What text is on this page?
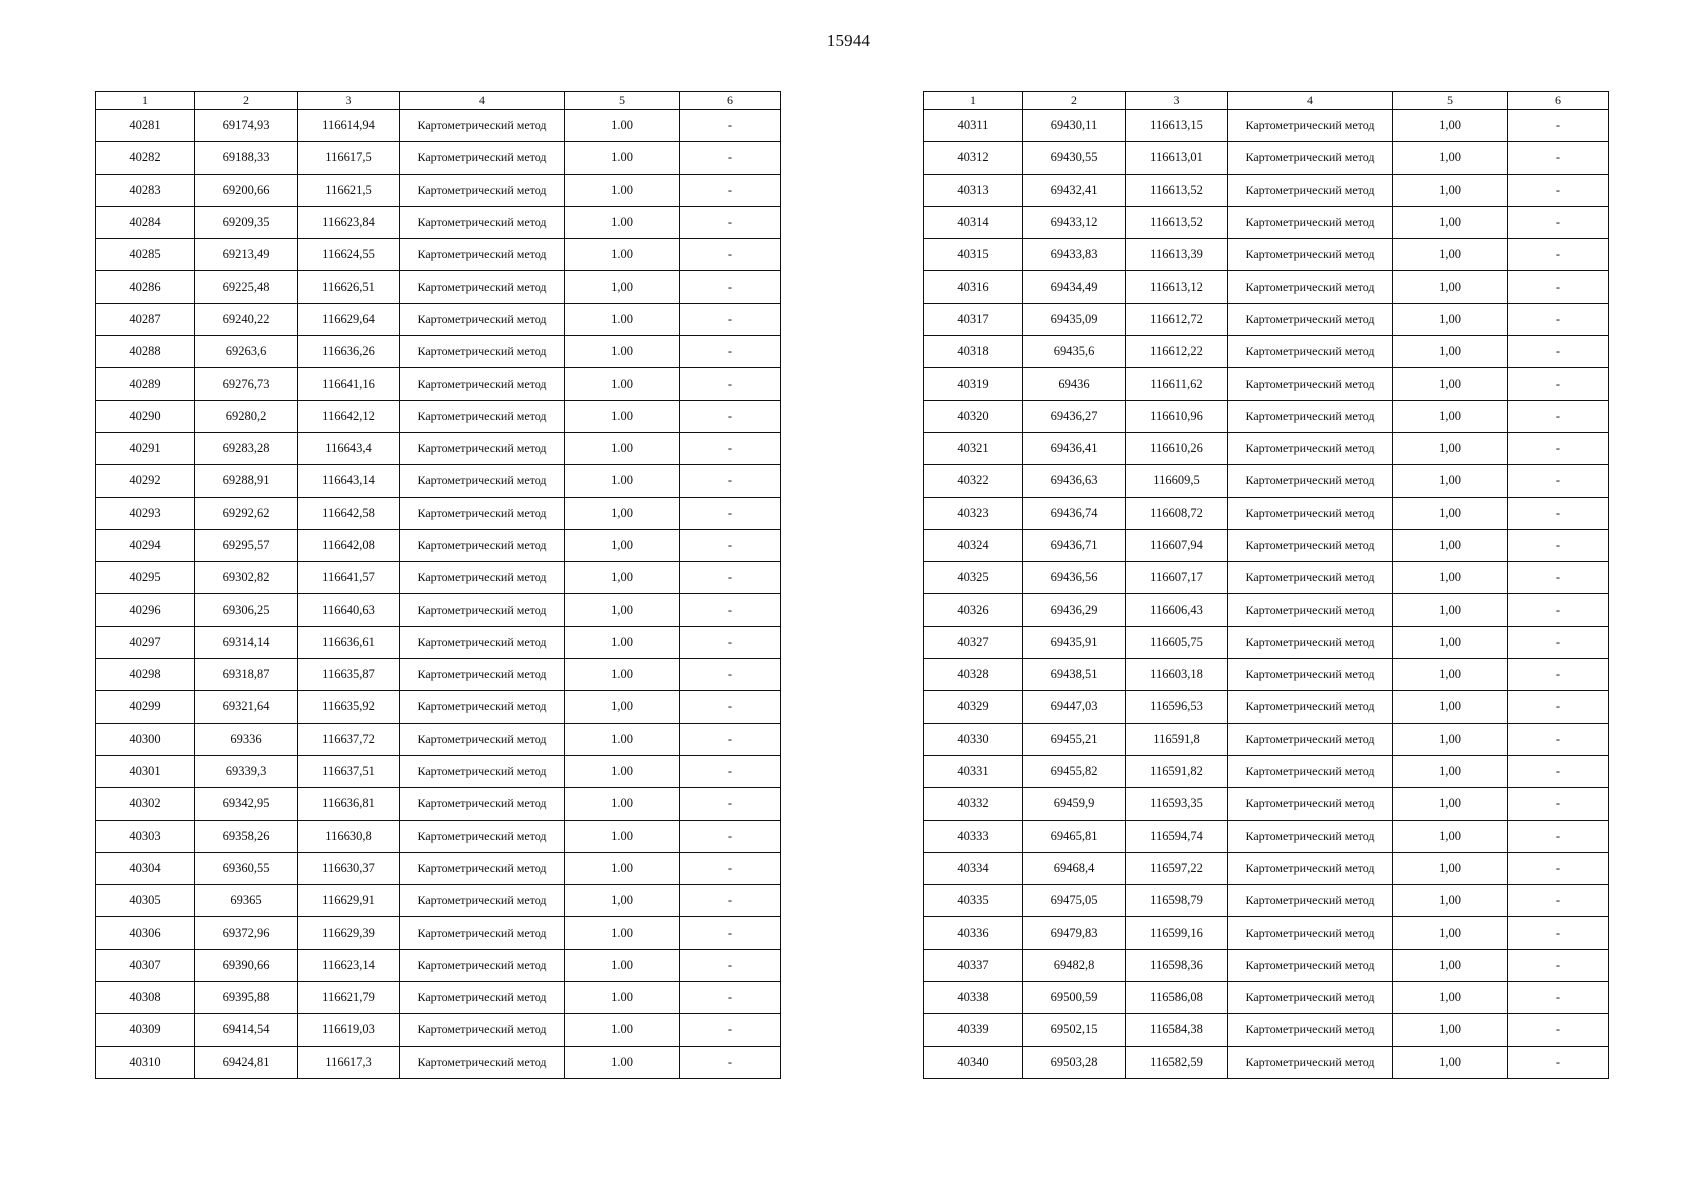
15944
1	2	3	4	5	6
40281	69174,93	116614,94	Картометрический метод	1.00	-
40282	69188,33	116617,5	Картометрический метод	1.00	-
40283	69200,66	116621,5	Картометрический метод	1.00	-
40284	69209,35	116623,84	Картометрический метод	1.00	-
40285	69213,49	116624,55	Картометрический метод	1.00	-
40286	69225,48	116626,51	Картометрический метод	1,00	-
40287	69240,22	116629,64	Картометрический метод	1.00	-
40288	69263,6	116636,26	Картометрический метод	1.00	-
40289	69276,73	116641,16	Картометрический метод	1.00	-
40290	69280,2	116642,12	Картометрический метод	1.00	-
40291	69283,28	116643,4	Картометрический метод	1.00	-
40292	69288,91	116643,14	Картометрический метод	1.00	-
40293	69292,62	116642,58	Картометрический метод	1,00	-
40294	69295,57	116642,08	Картометрический метод	1,00	-
40295	69302,82	116641,57	Картометрический метод	1,00	-
40296	69306,25	116640,63	Картометрический метод	1,00	-
40297	69314,14	116636,61	Картометрический метод	1.00	-
40298	69318,87	116635,87	Картометрический метод	1.00	-
40299	69321,64	116635,92	Картометрический метод	1,00	-
40300	69336	116637,72	Картометрический метод	1.00	-
40301	69339,3	116637,51	Картометрический метод	1.00	-
40302	69342,95	116636,81	Картометрический метод	1.00	-
40303	69358,26	116630,8	Картометрический метод	1.00	-
40304	69360,55	116630,37	Картометрический метод	1.00	-
40305	69365	116629,91	Картометрический метод	1,00	-
40306	69372,96	116629,39	Картометрический метод	1.00	-
40307	69390,66	116623,14	Картометрический метод	1.00	-
40308	69395,88	116621,79	Картометрический метод	1.00	-
40309	69414,54	116619,03	Картометрический метод	1.00	-
40310	69424,81	116617,3	Картометрический метод	1.00	-
1	2	3	4	5	6
40311	69430,11	116613,15	Картометрический метод	1,00	-
40312	69430,55	116613,01	Картометрический метод	1,00	-
40313	69432,41	116613,52	Картометрический метод	1,00	-
40314	69433,12	116613,52	Картометрический метод	1,00	-
40315	69433,83	116613,39	Картометрический метод	1,00	-
40316	69434,49	116613,12	Картометрический метод	1,00	-
40317	69435,09	116612,72	Картометрический метод	1,00	-
40318	69435,6	116612,22	Картометрический метод	1,00	-
40319	69436	116611,62	Картометрический метод	1,00	-
40320	69436,27	116610,96	Картометрический метод	1,00	-
40321	69436,41	116610,26	Картометрический метод	1,00	-
40322	69436,63	116609,5	Картометрический метод	1,00	-
40323	69436,74	116608,72	Картометрический метод	1,00	-
40324	69436,71	116607,94	Картометрический метод	1,00	-
40325	69436,56	116607,17	Картометрический метод	1,00	-
40326	69436,29	116606,43	Картометрический метод	1,00	-
40327	69435,91	116605,75	Картометрический метод	1,00	-
40328	69438,51	116603,18	Картометрический метод	1,00	-
40329	69447,03	116596,53	Картометрический метод	1,00	-
40330	69455,21	116591,8	Картометрический метод	1,00	-
40331	69455,82	116591,82	Картометрический метод	1,00	-
40332	69459,9	116593,35	Картометрический метод	1,00	-
40333	69465,81	116594,74	Картометрический метод	1,00	-
40334	69468,4	116597,22	Картометрический метод	1,00	-
40335	69475,05	116598,79	Картометрический метод	1,00	-
40336	69479,83	116599,16	Картометрический метод	1,00	-
40337	69482,8	116598,36	Картометрический метод	1,00	-
40338	69500,59	116586,08	Картометрический метод	1,00	-
40339	69502,15	116584,38	Картометрический метод	1,00	-
40340	69503,28	116582,59	Картометрический метод	1,00	-
